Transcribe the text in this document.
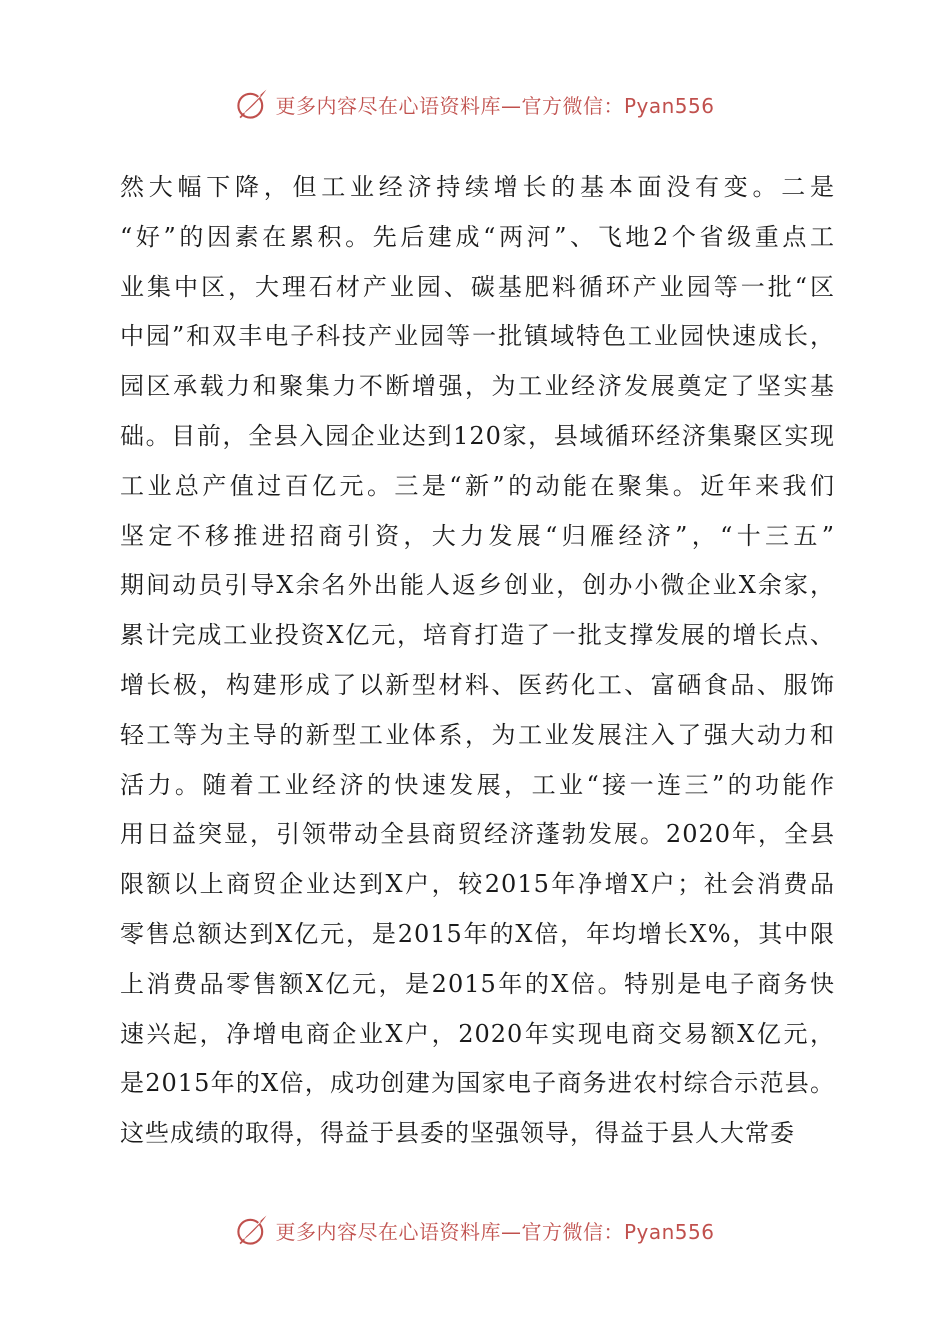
更多内容尽在心语资料库—官方微信：Pyan556
然大幅下降，但工业经济持续增长的基本面没有变。二是
“好”的因素在累积。先后建成“两河”、飞地2个省级重点工
业集中区，大理石材产业园、碳基肥料循环产业园等一批“区
中园”和双丰电子科技产业园等一批镇域特色工业园快速成长，
园区承载力和聚集力不断增强，为工业经济发展奠定了坚实基
础。目前，全县入园企业达到120家，县域循环经济集聚区实现
工业总产值过百亿元。三是“新”的动能在聚集。近年来我们
坚定不移推进招商引资，大力发展“归雁经济”，“十三五”
期间动员引导X余名外出能人返乡创业，创办小微企业X余家，
累计完成工业投资X亿元，培育打造了一批支撑发展的增长点、
增长极，构建形成了以新型材料、医药化工、富硒食品、服饰
轻工等为主导的新型工业体系，为工业发展注入了强大动力和
活力。随着工业经济的快速发展，工业“接一连三”的功能作
用日益突显，引领带动全县商贸经济蓬勃发展。2020年，全县
限额以上商贸企业达到X户，较2015年净增X户；社会消费品
零售总额达到X亿元，是2015年的X倍，年均增长X%，其中限
上消费品零售额X亿元，是2015年的X倍。特别是电子商务快
速兴起，净增电商企业X户，2020年实现电商交易额X亿元，
是2015年的X倍，成功创建为国家电子商务进农村综合示范县。
这些成绩的取得，得益于县委的坚强领导，得益于县人大常委
更多内容尽在心语资料库—官方微信：Pyan556
